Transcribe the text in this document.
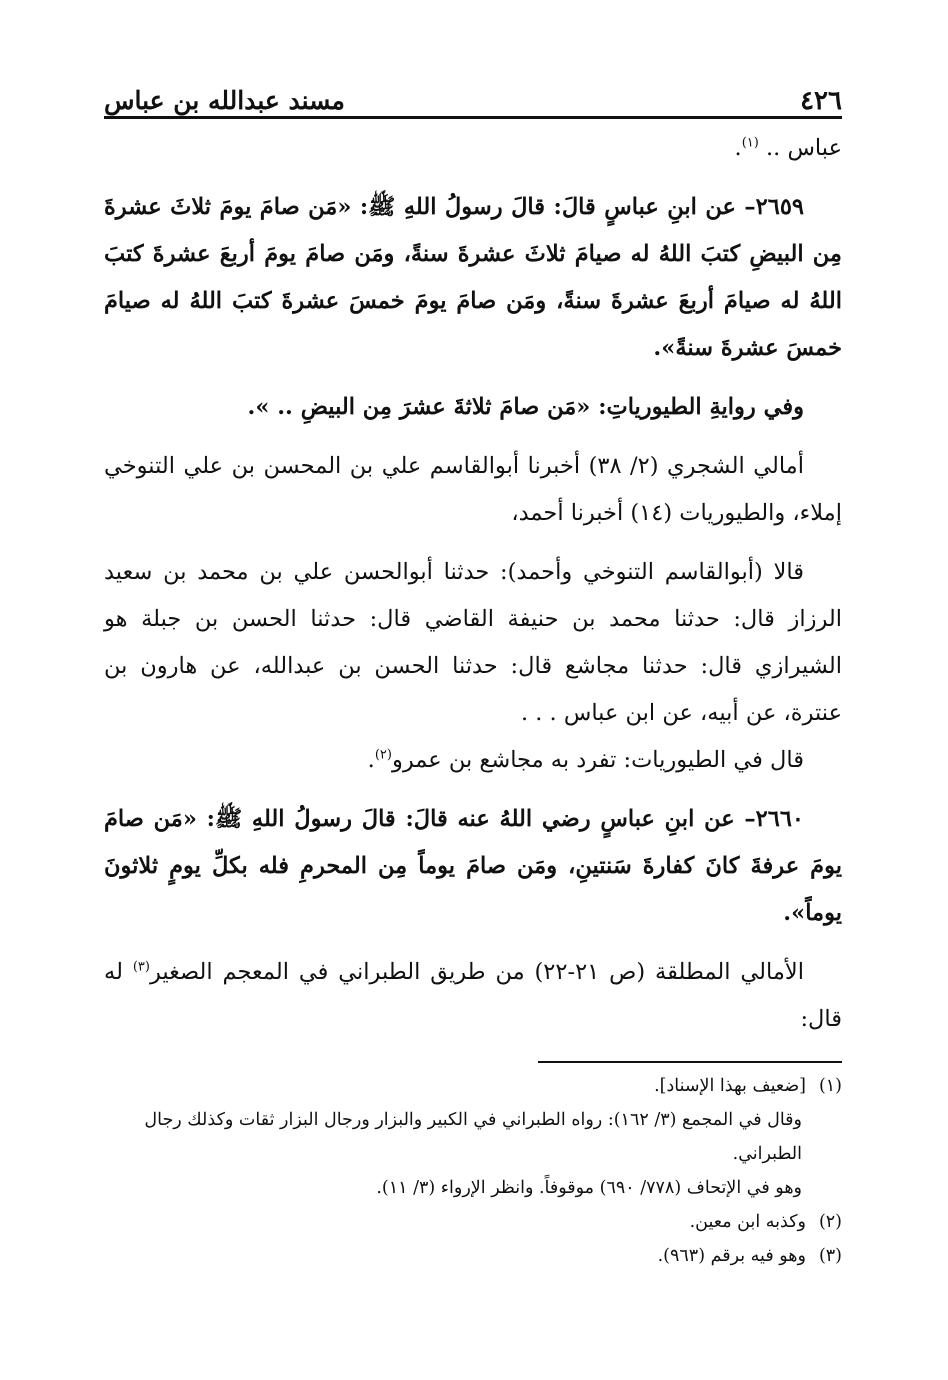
٤٢٦
مسند عبدالله بن عباس

عباس .. $^{(١)}$.

٢٦٥٩– عن ابنِ عباسٍ قالَ: قالَ رسولُ اللهِ ﷺ: «مَن صامَ يومَ ثلاثَ عشرةَ مِن البيضِ كتبَ اللهُ له صيامَ ثلاثَ عشرةَ سنةً، ومَن صامَ يومَ أربعَ عشرةَ كتبَ اللهُ له صيامَ أربعَ عشرةَ سنةً، ومَن صامَ يومَ خمسَ عشرةَ كتبَ اللهُ له صيامَ خمسَ عشرةَ سنةً».

وفي روايةِ الطيورياتِ: «مَن صامَ ثلاثةَ عشرَ مِن البيضِ .. ».

أمالي الشجري (٢/ ٣٨) أخبرنا أبوالقاسم علي بن المحسن بن علي التنوخي إملاء، والطيوريات (١٤) أخبرنا أحمد،

قالا (أبوالقاسم التنوخي وأحمد): حدثنا أبوالحسن علي بن محمد بن سعيد الرزاز قال: حدثنا محمد بن حنيفة القاضي قال: حدثنا الحسن بن جبلة هو الشيرازي قال: حدثنا مجاشع قال: حدثنا الحسن بن عبدالله، عن هارون بن عنترة، عن أبيه، عن ابن عباس . . .

قال في الطيوريات: تفرد به مجاشع بن عمرو$^{(٢)}$.

٢٦٦٠– عن ابنِ عباسٍ رضي اللهُ عنه قالَ: قالَ رسولُ اللهِ ﷺ: «مَن صامَ يومَ عرفةَ كانَ كفارةَ سَنتينِ، ومَن صامَ يوماً مِن المحرمِ فله بكلِّ يومٍ ثلاثونَ يوماً».

الأمالي المطلقة (ص ٢١-٢٢) من طريق الطبراني في المعجم الصغير$^{(٣)}$ له قال:

(١)[ضعيف بهذا الإسناد].
وقال في المجمع (٣/ ١٦٢): رواه الطبراني في الكبير والبزار ورجال البزار ثقات وكذلك رجال الطبراني.
وهو في الإتحاف (٧٧٨/ ٦٩٠) موقوفاً. وانظر الإرواء (٣/ ١١).
(٢)وكذبه ابن معين.
(٣)وهو فيه برقم (٩٦٣).
